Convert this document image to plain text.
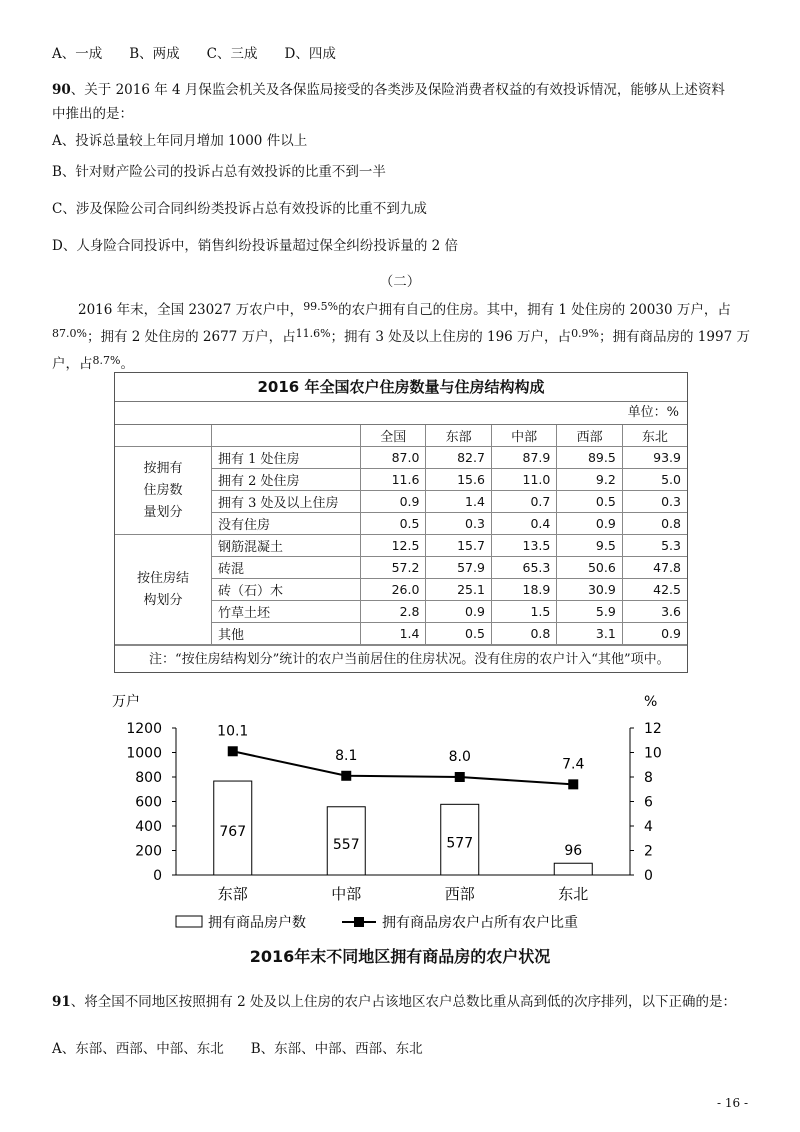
A、一成　　B、两成　　C、三成　　D、四成
90、关于 2016 年 4 月保监会机关及各保监局接受的各类涉及保险消费者权益的有效投诉情况，能够从上述资料
中推出的是：
A、投诉总量较上年同月增加 1000 件以上
B、针对财产险公司的投诉占总有效投诉的比重不到一半
C、涉及保险公司合同纠纷类投诉占总有效投诉的比重不到九成
D、人身险合同投诉中，销售纠纷投诉量超过保全纠纷投诉量的 2 倍
（二）
2016 年末，全国 23027 万农户中，$^{99.5\%}$的农户拥有自己的住房。其中，拥有 1 处住房的 20030 万户，占$^{87.0\%}$；拥有 2 处住房的 2677 万户，占$^{11.6\%}$；拥有 3 处及以上住房的 196 万户，占$^{0.9\%}$；拥有商品房的 1997 万户，占$^{8.7\%}$。
2016 年全国农户住房数量与住房结构构成
单位：%
		全国	东部	中部	西部	东北

按拥有
住房数
量划分	拥有 1 处住房	87.0	82.7	87.9	89.5	93.9
	拥有 2 处住房	11.6	15.6	11.0	9.2	5.0
	拥有 3 处及以上住房	0.9	1.4	0.7	0.5	0.3
	没有住房	0.5	0.3	0.4	0.9	0.8

按住房结
构划分	钢筋混凝土	12.5	15.7	13.5	9.5	5.3
	砖混	57.2	57.9	65.3	50.6	47.8
	砖（石）木	26.0	25.1	18.9	30.9	42.5
	竹草土坯	2.8	0.9	1.5	5.9	3.6
	其他	1.4	0.5	0.8	3.1	0.9
注：“按住房结构划分”统计的农户当前居住的住房状况。没有住房的农户计入“其他”项中。
万户	%
0
200
400
600
800
1000
1200
0
2
4
6
8
10
12
767
557	577	96
东部	中部	西部	东北
10.1
8.1	8.0	7.4
拥有商品房户数	拥有商品房农户占所有农户比重
2016年末不同地区拥有商品房的农户状况
91、将全国不同地区按照拥有 2 处及以上住房的农户占该地区农户总数比重从高到低的次序排列，以下正确的是：
A、东部、西部、中部、东北　　B、东部、中部、西部、东北
- 16 -
